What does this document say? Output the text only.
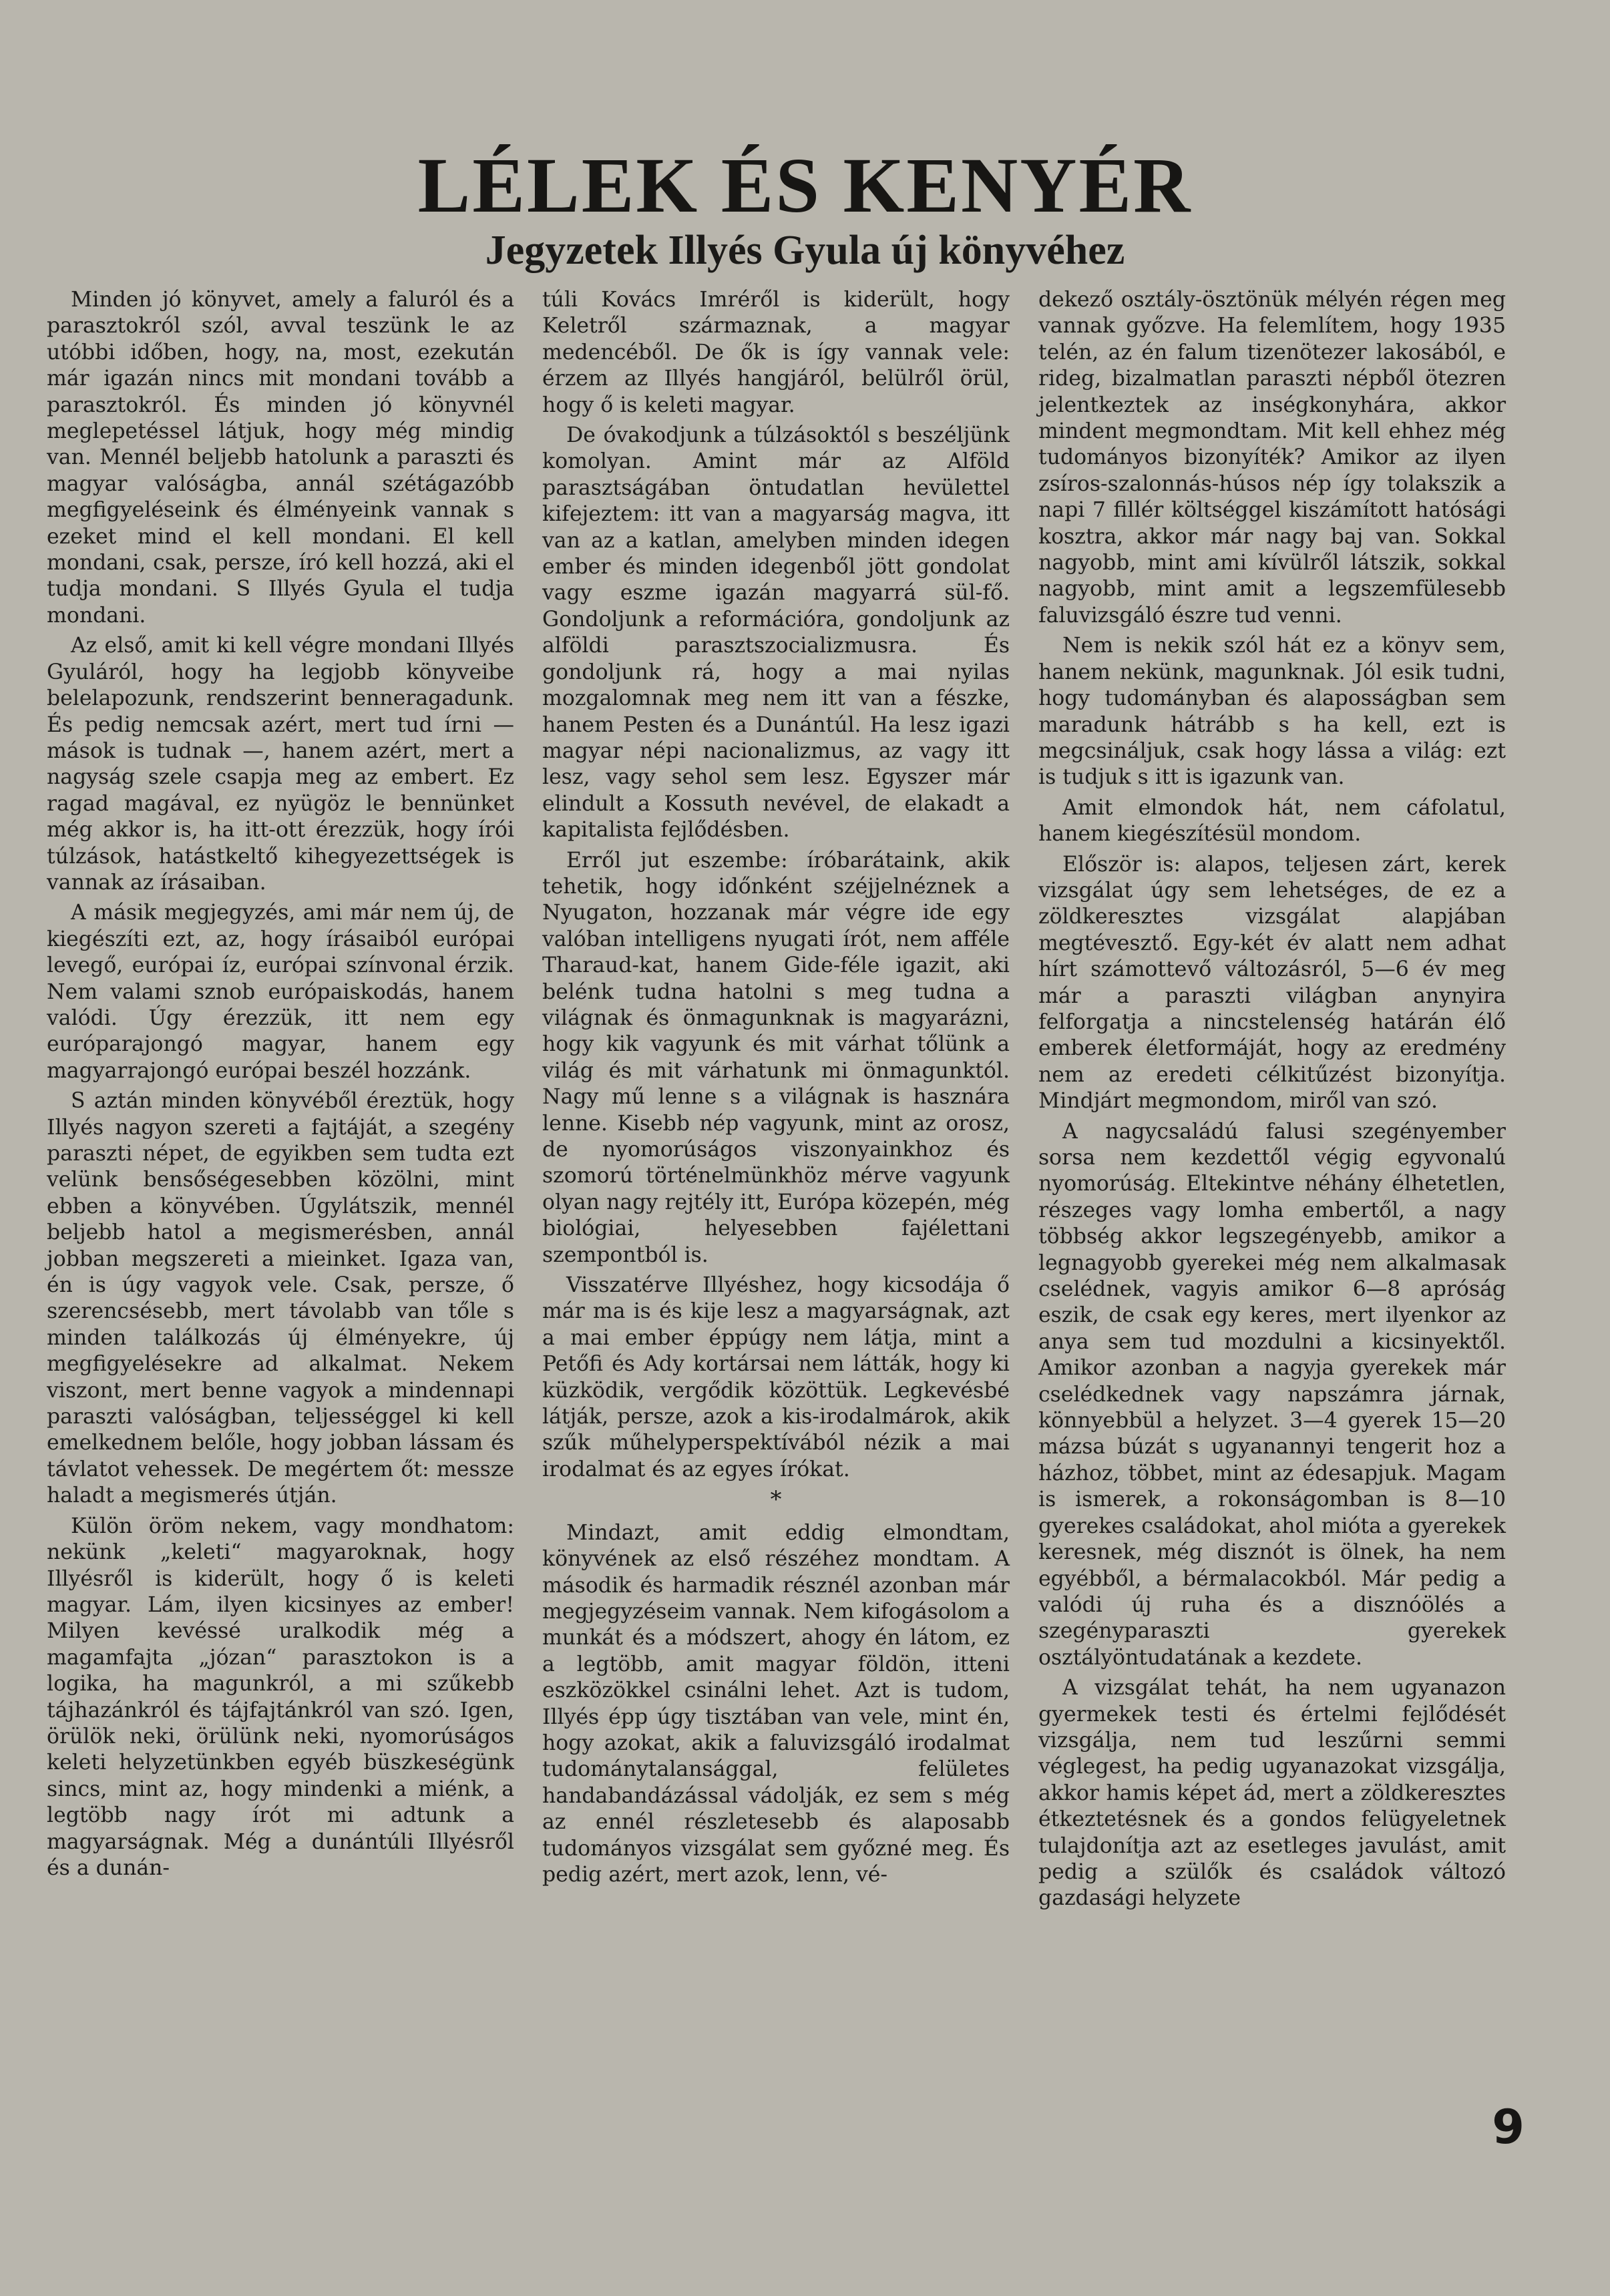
LÉLEK ÉS KENYÉR
Jegyzetek Illyés Gyula új könyvéhez

Minden jó könyvet, amely a faluról és a parasztokról szól, avval teszünk le az utóbbi időben, hogy, na, most, ezekután már igazán nincs mit mondani tovább a parasztokról. És minden jó könyvnél meglepetéssel látjuk, hogy még mindig van. Mennél beljebb hatolunk a paraszti és magyar valóságba, annál szétágazóbb megfigyeléseink és élményeink vannak s ezeket mind el kell mondani. El kell mondani, csak, persze, író kell hozzá, aki el tudja mondani. S Illyés Gyula el tudja mondani.

Az első, amit ki kell végre mondani Illyés Gyuláról, hogy ha legjobb könyveibe belelapozunk, rendszerint benneragadunk. És pedig nemcsak azért, mert tud írni — mások is tudnak —, hanem azért, mert a nagyság szele csapja meg az embert. Ez ragad magával, ez nyügöz le bennünket még akkor is, ha itt-ott érezzük, hogy írói túlzások, hatástkeltő kihegyezettségek is vannak az írásaiban.

A másik megjegyzés, ami már nem új, de kiegészíti ezt, az, hogy írásaiból európai levegő, európai íz, európai színvonal érzik. Nem valami sznob európaiskodás, hanem valódi. Úgy érezzük, itt nem egy európarajongó magyar, hanem egy magyarrajongó európai beszél hozzánk.

S aztán minden könyvéből éreztük, hogy Illyés nagyon szereti a fajtáját, a szegény paraszti népet, de egyikben sem tudta ezt velünk bensőségesebben közölni, mint ebben a könyvében. Úgylátszik, mennél beljebb hatol a megismerésben, annál jobban megszereti a mieinket. Igaza van, én is úgy vagyok vele. Csak, persze, ő szerencsésebb, mert távolabb van tőle s minden találkozás új élményekre, új megfigyelésekre ad alkalmat. Nekem viszont, mert benne vagyok a mindennapi paraszti valóságban, teljességgel ki kell emelkednem belőle, hogy jobban lássam és távlatot vehessek. De megértem őt: messze haladt a megismerés útján.

Külön öröm nekem, vagy mondhatom: nekünk „keleti“ magyaroknak, hogy Illyésről is kiderült, hogy ő is keleti magyar. Lám, ilyen kicsinyes az ember! Milyen kevéssé uralkodik még a magamfajta „józan“ parasztokon is a logika, ha magunkról, a mi szűkebb tájhazánkról és tájfajtánkról van szó. Igen, örülök neki, örülünk neki, nyomorúságos keleti helyzetünkben egyéb büszkeségünk sincs, mint az, hogy mindenki a miénk, a legtöbb nagy írót mi adtunk a magyarságnak. Még a dunántúli Illyésről és a dunán-

túli Kovács Imréről is kiderült, hogy Keletről származnak, a magyar medencéből. De ők is így vannak vele: érzem az Illyés hangjáról, belülről örül, hogy ő is keleti magyar.

De óvakodjunk a túlzásoktól s beszéljünk komolyan. Amint már az Alföld parasztságában öntudatlan hevülettel kifejeztem: itt van a magyarság magva, itt van az a katlan, amelyben minden idegen ember és minden idegenből jött gondolat vagy eszme igazán magyarrá sül-fő. Gondoljunk a reformációra, gondoljunk az alföldi parasztszocializmusra. És gondoljunk rá, hogy a mai nyilas mozgalomnak meg nem itt van a fészke, hanem Pesten és a Dunántúl. Ha lesz igazi magyar népi nacionalizmus, az vagy itt lesz, vagy sehol sem lesz. Egyszer már elindult a Kossuth nevével, de elakadt a kapitalista fejlődésben.

Erről jut eszembe: íróbarátaink, akik tehetik, hogy időnként széjjelnéznek a Nyugaton, hozzanak már végre ide egy valóban intelligens nyugati írót, nem afféle Tharaud-kat, hanem Gide-féle igazit, aki belénk tudna hatolni s meg tudna a világnak és önmagunknak is magyarázni, hogy kik vagyunk és mit várhat tőlünk a világ és mit várhatunk mi önmagunktól. Nagy mű lenne s a világnak is hasznára lenne. Kisebb nép vagyunk, mint az orosz, de nyomorúságos viszonyainkhoz és szomorú történelmünkhöz mérve vagyunk olyan nagy rejtély itt, Európa közepén, még biológiai, helyesebben fajélettani szempontból is.

Visszatérve Illyéshez, hogy kicsodája ő már ma is és kije lesz a magyarságnak, azt a mai ember éppúgy nem látja, mint a Petőfi és Ady kortársai nem látták, hogy ki küzködik, vergődik közöttük. Legkevésbé látják, persze, azok a kis-irodalmárok, akik szűk műhelyperspektívából nézik a mai irodalmat és az egyes írókat.

*

Mindazt, amit eddig elmondtam, könyvének az első részéhez mondtam. A második és harmadik résznél azonban már megjegyzéseim vannak. Nem kifogásolom a munkát és a módszert, ahogy én látom, ez a legtöbb, amit magyar földön, itteni eszközökkel csinálni lehet. Azt is tudom, Illyés épp úgy tisztában van vele, mint én, hogy azokat, akik a faluvizsgáló irodalmat tudománytalansággal, felületes handabandázással vádolják, ez sem s még az ennél részletesebb és alaposabb tudományos vizsgálat sem győzné meg. És pedig azért, mert azok, lenn, vé-

dekező osztály-ösztönük mélyén régen meg vannak győzve. Ha felemlítem, hogy 1935 telén, az én falum tizenötezer lakosából, e rideg, bizalmatlan paraszti népből ötezren jelentkeztek az inségkonyhára, akkor mindent megmondtam. Mit kell ehhez még tudományos bizonyíték? Amikor az ilyen zsíros-szalonnás-húsos nép így tolakszik a napi 7 fillér költséggel kiszámított hatósági kosztra, akkor már nagy baj van. Sokkal nagyobb, mint ami kívülről látszik, sokkal nagyobb, mint amit a legszemfülesebb faluvizsgáló észre tud venni.

Nem is nekik szól hát ez a könyv sem, hanem nekünk, magunknak. Jól esik tudni, hogy tudományban és alaposságban sem maradunk hátrább s ha kell, ezt is megcsináljuk, csak hogy lássa a világ: ezt is tudjuk s itt is igazunk van.

Amit elmondok hát, nem cáfolatul, hanem kiegészítésül mondom.

Először is: alapos, teljesen zárt, kerek vizsgálat úgy sem lehetséges, de ez a zöldkeresztes vizsgálat alapjában megtévesztő. Egy-két év alatt nem adhat hírt számottevő változásról, 5—6 év meg már a paraszti világban anynyira felforgatja a nincstelenség határán élő emberek életformáját, hogy az eredmény nem az eredeti célkitűzést bizonyítja. Mindjárt megmondom, miről van szó.

A nagycsaládú falusi szegényember sorsa nem kezdettől végig egyvonalú nyomorúság. Eltekintve néhány élhetetlen, részeges vagy lomha embertől, a nagy többség akkor legszegényebb, amikor a legnagyobb gyerekei még nem alkalmasak cselédnek, vagyis amikor 6—8 apróság eszik, de csak egy keres, mert ilyenkor az anya sem tud mozdulni a kicsinyektől. Amikor azonban a nagyja gyerekek már cselédkednek vagy napszámra járnak, könnyebbül a helyzet. 3—4 gyerek 15—20 mázsa búzát s ugyanannyi tengerit hoz a házhoz, többet, mint az édesapjuk. Magam is ismerek, a rokonságomban is 8—10 gyerekes családokat, ahol mióta a gyerekek keresnek, még disznót is ölnek, ha nem egyébből, a bérmalacokból. Már pedig a valódi új ruha és a disznóölés a szegényparaszti gyerekek osztályöntudatának a kezdete.

A vizsgálat tehát, ha nem ugyanazon gyermekek testi és értelmi fejlődését vizsgálja, nem tud leszűrni semmi véglegest, ha pedig ugyanazokat vizsgálja, akkor hamis képet ád, mert a zöldkeresztes étkeztetésnek és a gondos felügyeletnek tulajdonítja azt az esetleges javulást, amit pedig a szülők és családok változó gazdasági helyzete

9
